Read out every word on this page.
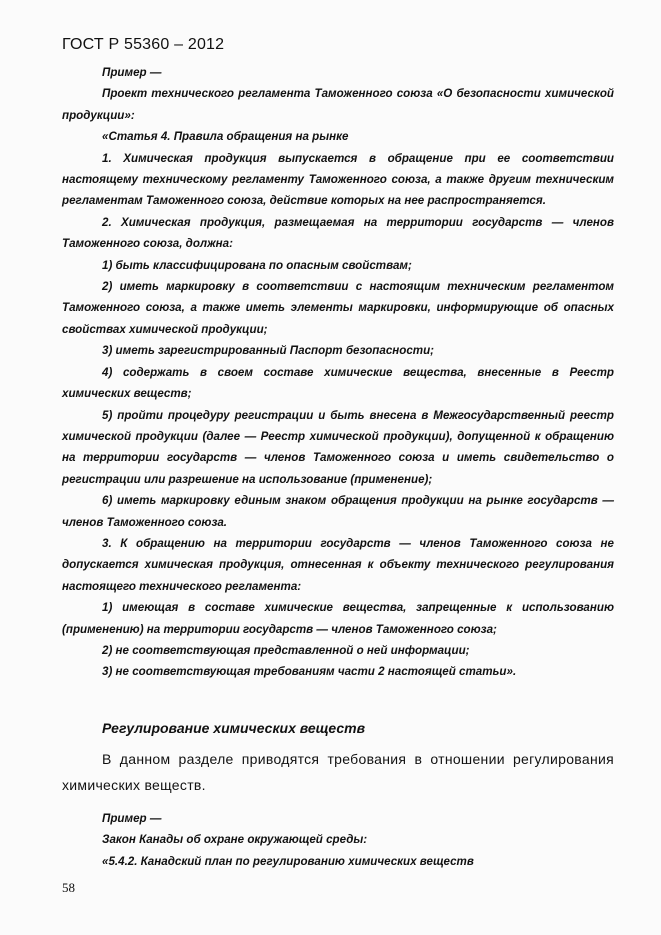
ГОСТ Р 55360 – 2012

Пример —

Проект технического регламента Таможенного союза «О безопасности химической продукции»:

«Статья 4. Правила обращения на рынке

1. Химическая продукция выпускается в обращение при ее соответствии настоящему техническому регламенту Таможенного союза, а также другим техническим регламентам Таможенного союза, действие которых на нее распространяется.

2. Химическая продукция, размещаемая на территории государств — членов Таможенного союза, должна:

1) быть классифицирована по опасным свойствам;

2) иметь маркировку в соответствии с настоящим техническим регламентом Таможенного союза, а также иметь элементы маркировки, информирующие об опасных свойствах химической продукции;

3) иметь зарегистрированный Паспорт безопасности;

4) содержать в своем составе химические вещества, внесенные в Реестр химических веществ;

5) пройти процедуру регистрации и быть внесена в Межгосударственный реестр химической продукции (далее — Реестр химической продукции), допущенной к обращению на территории государств — членов Таможенного союза и иметь свидетельство о регистрации или разрешение на использование (применение);

6) иметь маркировку единым знаком обращения продукции на рынке государств — членов Таможенного союза.

3. К обращению на территории государств — членов Таможенного союза не допускается химическая продукция, отнесенная к объекту технического регулирования настоящего технического регламента:

1) имеющая в составе химические вещества, запрещенные к использованию (применению) на территории государств — членов Таможенного союза;

2) не соответствующая представленной о ней информации;

3) не соответствующая требованиям части 2 настоящей статьи».

Регулирование химических веществ

В данном разделе приводятся требования в отношении регулирования химических веществ.

Пример —

Закон Канады об охране окружающей среды:

«5.4.2. Канадский план по регулированию химических веществ

58
